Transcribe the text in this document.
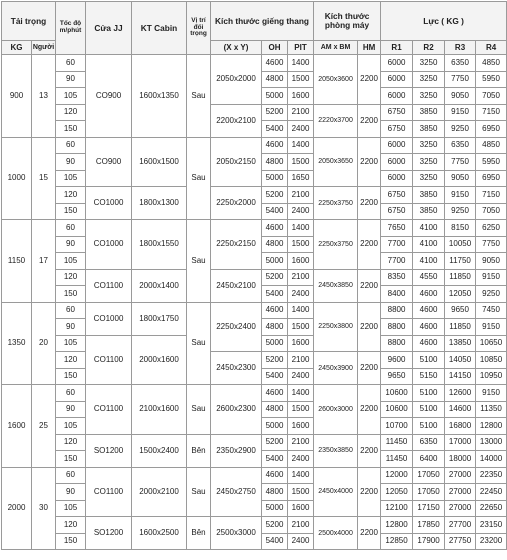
Tải trọng		Tốc độ m/phút	Cửa JJ	KT Cabin	Vị trí đối trọng	Kích thước giếng thang			Kích thước phòng máy		Lực ( KG )			
KG	Người					(X x Y)	OH	PIT	AM x BM	HM	R1	R2	R3	R4
900	13	60	CO900	1600x1350	Sau	2050x2000	4600	1400	2050x3600	2200	6000	3250	6350	4850
		90					4800	1500			6000	3250	7750	5950
		105					5000	1600			6000	3250	9050	7050
		120				2200x2100	5200	2100	2220x3700	2200	6750	3850	9150	7150
		150					5400	2400			6750	3850	9250	6950
1000	15	60	CO900	1600x1500	Sau	2050x2150	4600	1400	2050x3650	2200	6000	3250	6350	4850
		90					4800	1500			6000	3250	7750	5950
		105					5000	1650			6000	3250	9050	6950
		120	CO1000	1800x1300		2250x2000	5200	2100	2250x3750	2200	6750	3850	9150	7150
		150					5400	2400			6750	3850	9250	7050
1150	17	60	CO1000	1800x1550	Sau	2250x2150	4600	1400	2250x3750	2200	7650	4100	8150	6250
		90					4800	1500			7700	4100	10050	7750
		105					5000	1600			7700	4100	11750	9050
		120	CO1100	2000x1400		2450x2100	5200	2100	2450x3850	2200	8350	4550	11850	9150
		150					5400	2400			8400	4600	12050	9250
1350	20	60	CO1000	1800x1750	Sau	2250x2400	4600	1400	2250x3800	2200	8800	4600	9650	7450
		90					4800	1500			8800	4600	11850	9150
		105	CO1100	2000x1600			5000	1600			8800	4600	13850	10650
		120				2450x2300	5200	2100	2450x3900	2200	9600	5100	14050	10850
		150					5400	2400			9650	5150	14150	10950
1600	25	60	CO1100	2100x1600	Sau	2600x2300	4600	1400	2600x3000	2200	10600	5100	12600	9150
		90					4800	1500			10600	5100	14600	11350
		105					5000	1600			10700	5100	16800	12800
		120	SO1200	1500x2400	Bên	2350x2900	5200	2100	2350x3850	2200	11450	6350	17000	13000
		150					5400	2400			11450	6400	18000	14000
2000	30	60	CO1100	2000x2100	Sau	2450x2750	4600	1400	2450x4000	2200	12000	17050	27000	22350
		90					4800	1500			12050	17050	27000	22450
		105					5000	1600			12100	17150	27000	22650
		120	SO1200	1600x2500	Bên	2500x3000	5200	2100	2500x4000	2200	12800	17850	27700	23150
		150					5400	2400			12850	17900	27750	23200
